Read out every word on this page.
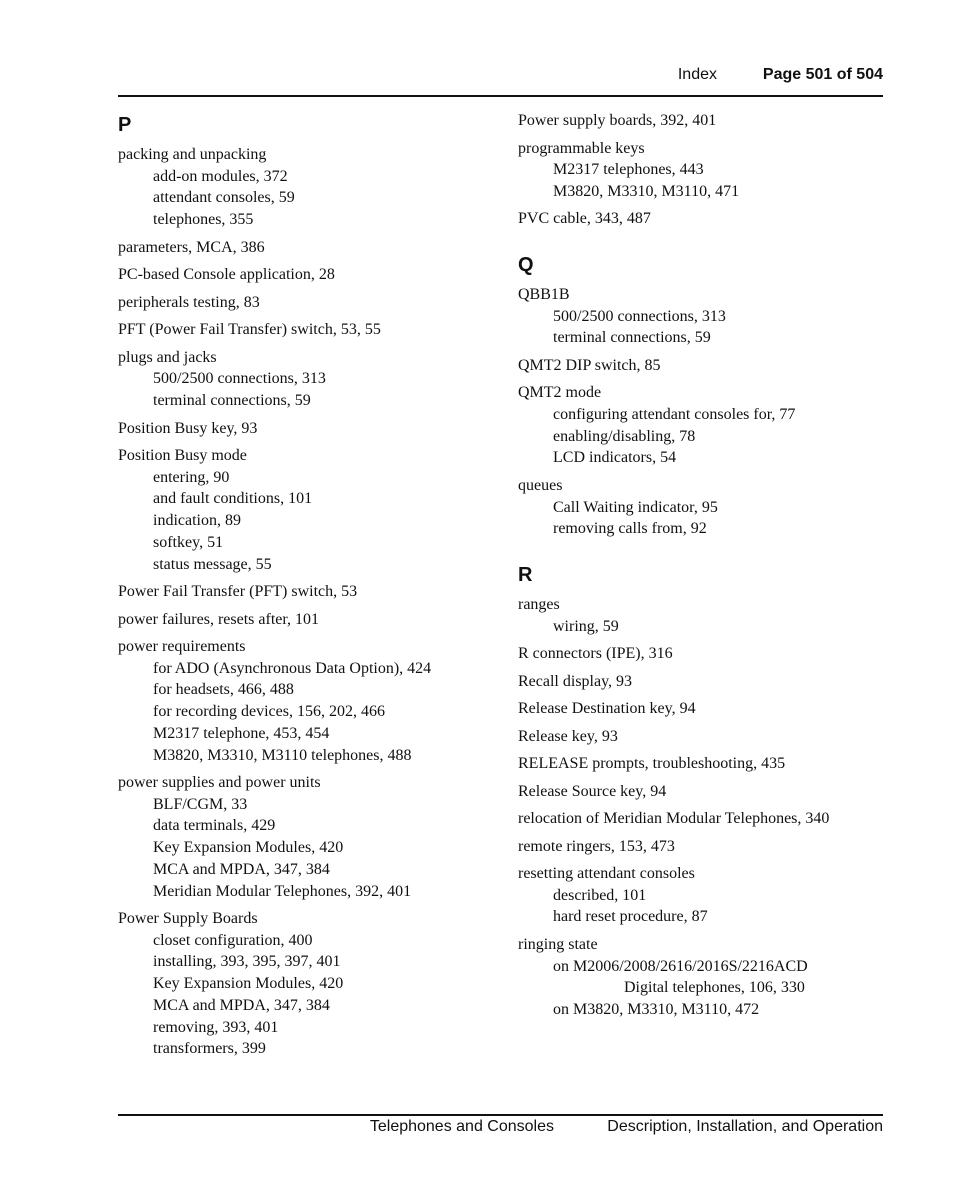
Index	Page 501 of 504
P
packing and unpacking
add-on modules, 372
attendant consoles, 59
telephones, 355
parameters, MCA, 386
PC-based Console application, 28
peripherals testing, 83
PFT (Power Fail Transfer) switch, 53, 55
plugs and jacks
500/2500 connections, 313
terminal connections, 59
Position Busy key, 93
Position Busy mode
entering, 90
and fault conditions, 101
indication, 89
softkey, 51
status message, 55
Power Fail Transfer (PFT) switch, 53
power failures, resets after, 101
power requirements
for ADO (Asynchronous Data Option), 424
for headsets, 466, 488
for recording devices, 156, 202, 466
M2317 telephone, 453, 454
M3820, M3310, M3110 telephones, 488
power supplies and power units
BLF/CGM, 33
data terminals, 429
Key Expansion Modules, 420
MCA and MPDA, 347, 384
Meridian Modular Telephones, 392, 401
Power Supply Boards
closet configuration, 400
installing, 393, 395, 397, 401
Key Expansion Modules, 420
MCA and MPDA, 347, 384
removing, 393, 401
transformers, 399
Power supply boards, 392, 401
programmable keys
M2317 telephones, 443
M3820, M3310, M3110, 471
PVC cable, 343, 487
Q
QBB1B
500/2500 connections, 313
terminal connections, 59
QMT2 DIP switch, 85
QMT2 mode
configuring attendant consoles for, 77
enabling/disabling, 78
LCD indicators, 54
queues
Call Waiting indicator, 95
removing calls from, 92
R
ranges
wiring, 59
R connectors (IPE), 316
Recall display, 93
Release Destination key, 94
Release key, 93
RELEASE prompts, troubleshooting, 435
Release Source key, 94
relocation of Meridian Modular Telephones, 340
remote ringers, 153, 473
resetting attendant consoles
described, 101
hard reset procedure, 87
ringing state
on M2006/2008/2616/2016S/2216ACD
Digital telephones, 106, 330
on M3820, M3310, M3110, 472
Telephones and Consoles	Description, Installation, and Operation
